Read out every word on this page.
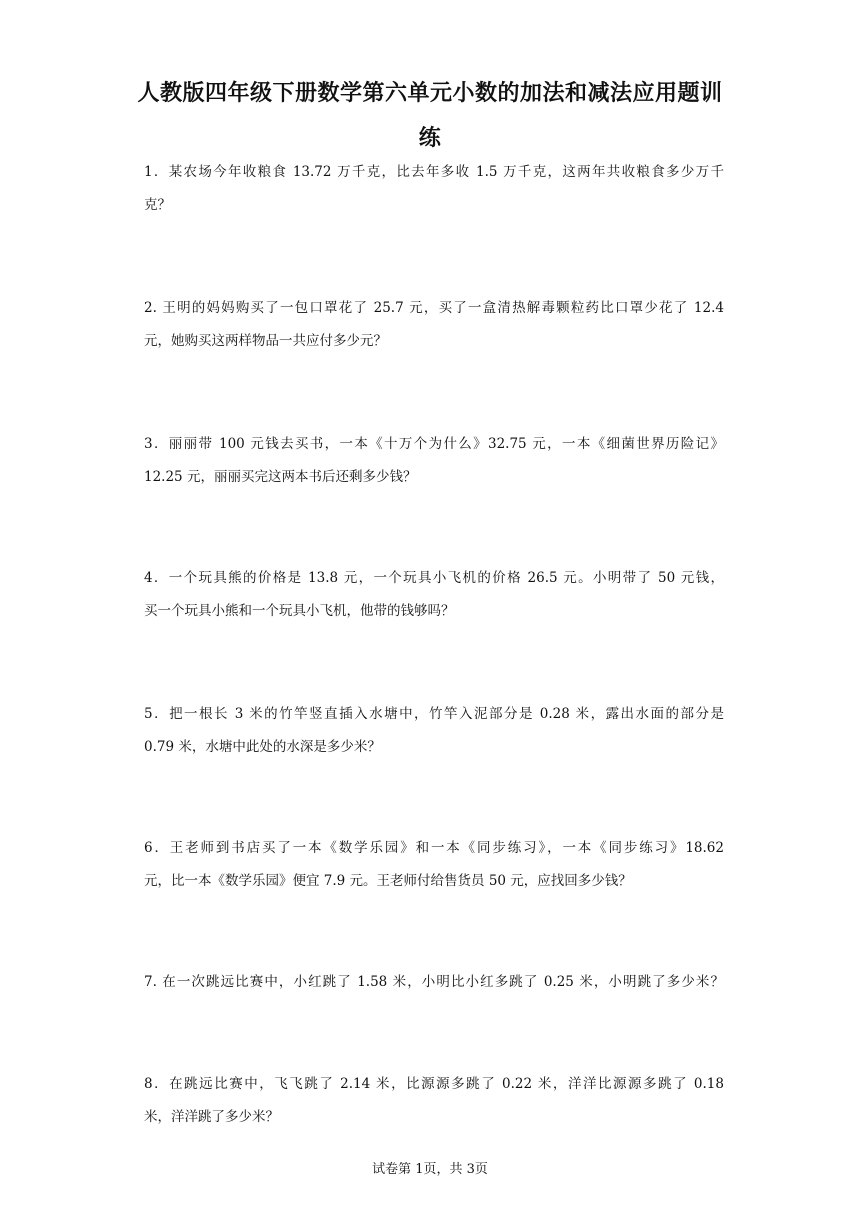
人教版四年级下册数学第六单元小数的加法和减法应用题训
练
1．某农场今年收粮食 13.72 万千克，比去年多收 1.5 万千克，这两年共收粮食多少万千
克？
2. 王明的妈妈购买了一包口罩花了 25.7 元，买了一盒清热解毒颗粒药比口罩少花了 12.4
元，她购买这两样物品一共应付多少元？
3．丽丽带 100 元钱去买书，一本《十万个为什么》32.75 元，一本《细菌世界历险记》
12.25 元，丽丽买完这两本书后还剩多少钱？
4．一个玩具熊的价格是 13.8 元，一个玩具小飞机的价格 26.5 元。小明带了 50 元钱，
买一个玩具小熊和一个玩具小飞机，他带的钱够吗？
5．把一根长 3 米的竹竿竖直插入水塘中，竹竿入泥部分是 0.28 米，露出水面的部分是
0.79 米，水塘中此处的水深是多少米？
6．王老师到书店买了一本《数学乐园》和一本《同步练习》，一本《同步练习》18.62
元，比一本《数学乐园》便宜 7.9 元。王老师付给售货员 50 元，应找回多少钱？
7. 在一次跳远比赛中，小红跳了 1.58 米，小明比小红多跳了 0.25 米，小明跳了多少米？
8．在跳远比赛中，飞飞跳了 2.14 米，比源源多跳了 0.22 米，洋洋比源源多跳了 0.18
米，洋洋跳了多少米？
试卷第 1页，共 3页
